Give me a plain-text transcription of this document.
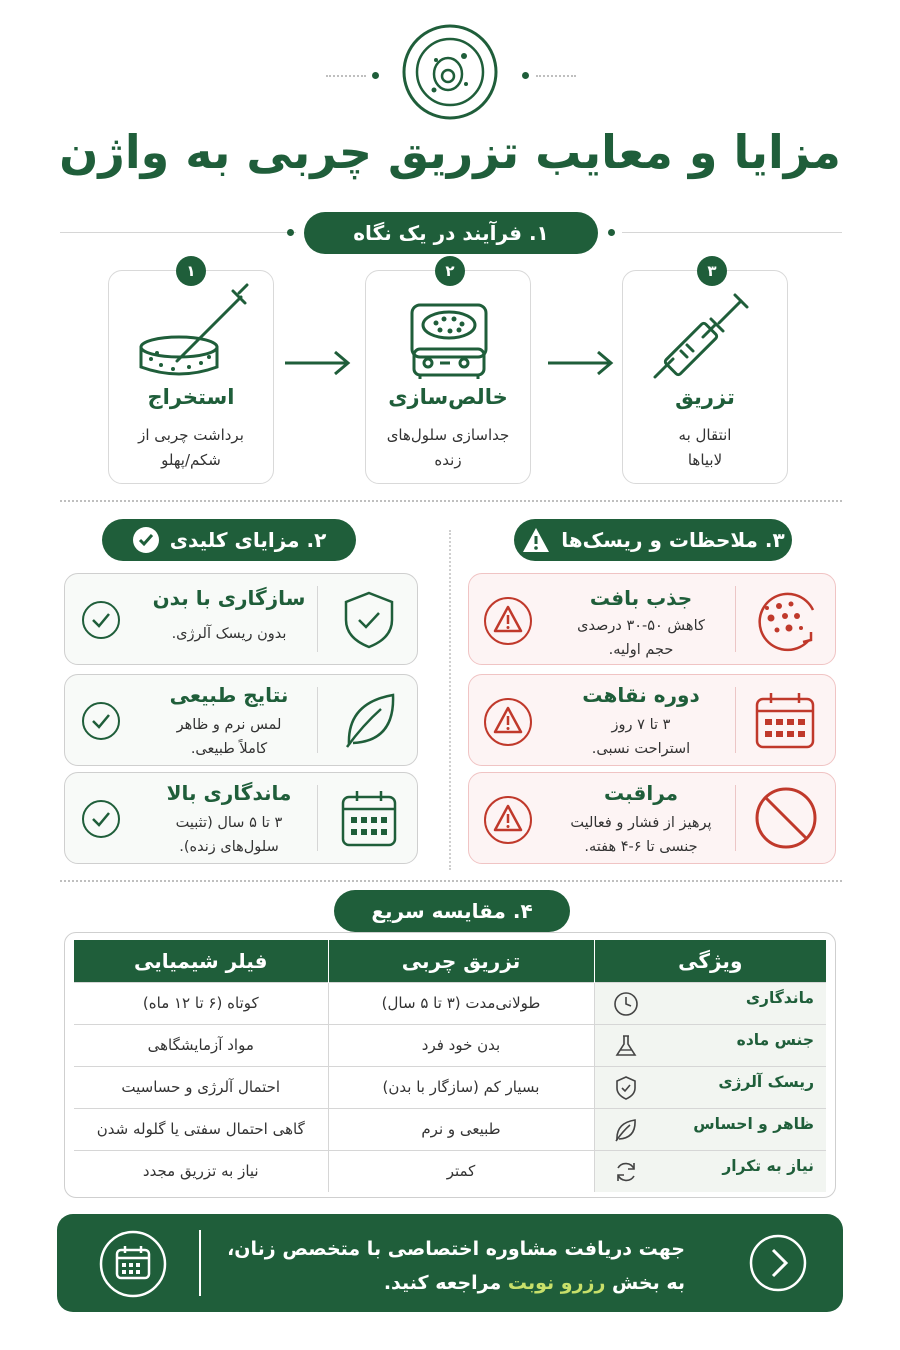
مزایا و معایب تزریق چربی به واژن
۱. فرآیند در یک نگاه
تزریق
انتقال به
لابیاها
۳
خالص‌سازی
جداسازی سلول‌های
زنده
۲
استخراج
برداشت چربی از
شکم/پهلو
۱
۲. مزایای کلیدی	۳. ملاحظات و ریسک‌ها
سازگاری با بدن
بدون ریسک آلرژی.
نتایج طبیعی
لمس نرم و ظاهر
کاملاً طبیعی.
ماندگاری بالا
۳ تا ۵ سال (تثبیت
سلول‌های زنده).
جذب بافت
کاهش ۵۰-۳۰ درصدی
حجم اولیه.
دوره نقاهت
۳ تا ۷ روز
استراحت نسبی.
مراقبت
پرهیز از فشار و فعالیت
جنسی تا ۶-۴ هفته.
۴. مقایسه سریع
ویژگی	تزریق چربی	فیلر شیمیایی

ماندگاری	طولانی‌مدت (۳ تا ۵ سال)	کوتاه (۶ تا ۱۲ ماه)

جنس ماده	بدن خود فرد	مواد آزمایشگاهی

ریسک آلرژی	بسیار کم (سازگار با بدن)	احتمال آلرژی و حساسیت

ظاهر و احساس	طبیعی و نرم	گاهی احتمال سفتی یا گلوله شدن

نیاز به تکرار	کمتر	نیاز به تزریق مجدد
جهت دریافت مشاوره اختصاصی با متخصص زنان،
به بخش رزرو نوبت مراجعه کنید.
